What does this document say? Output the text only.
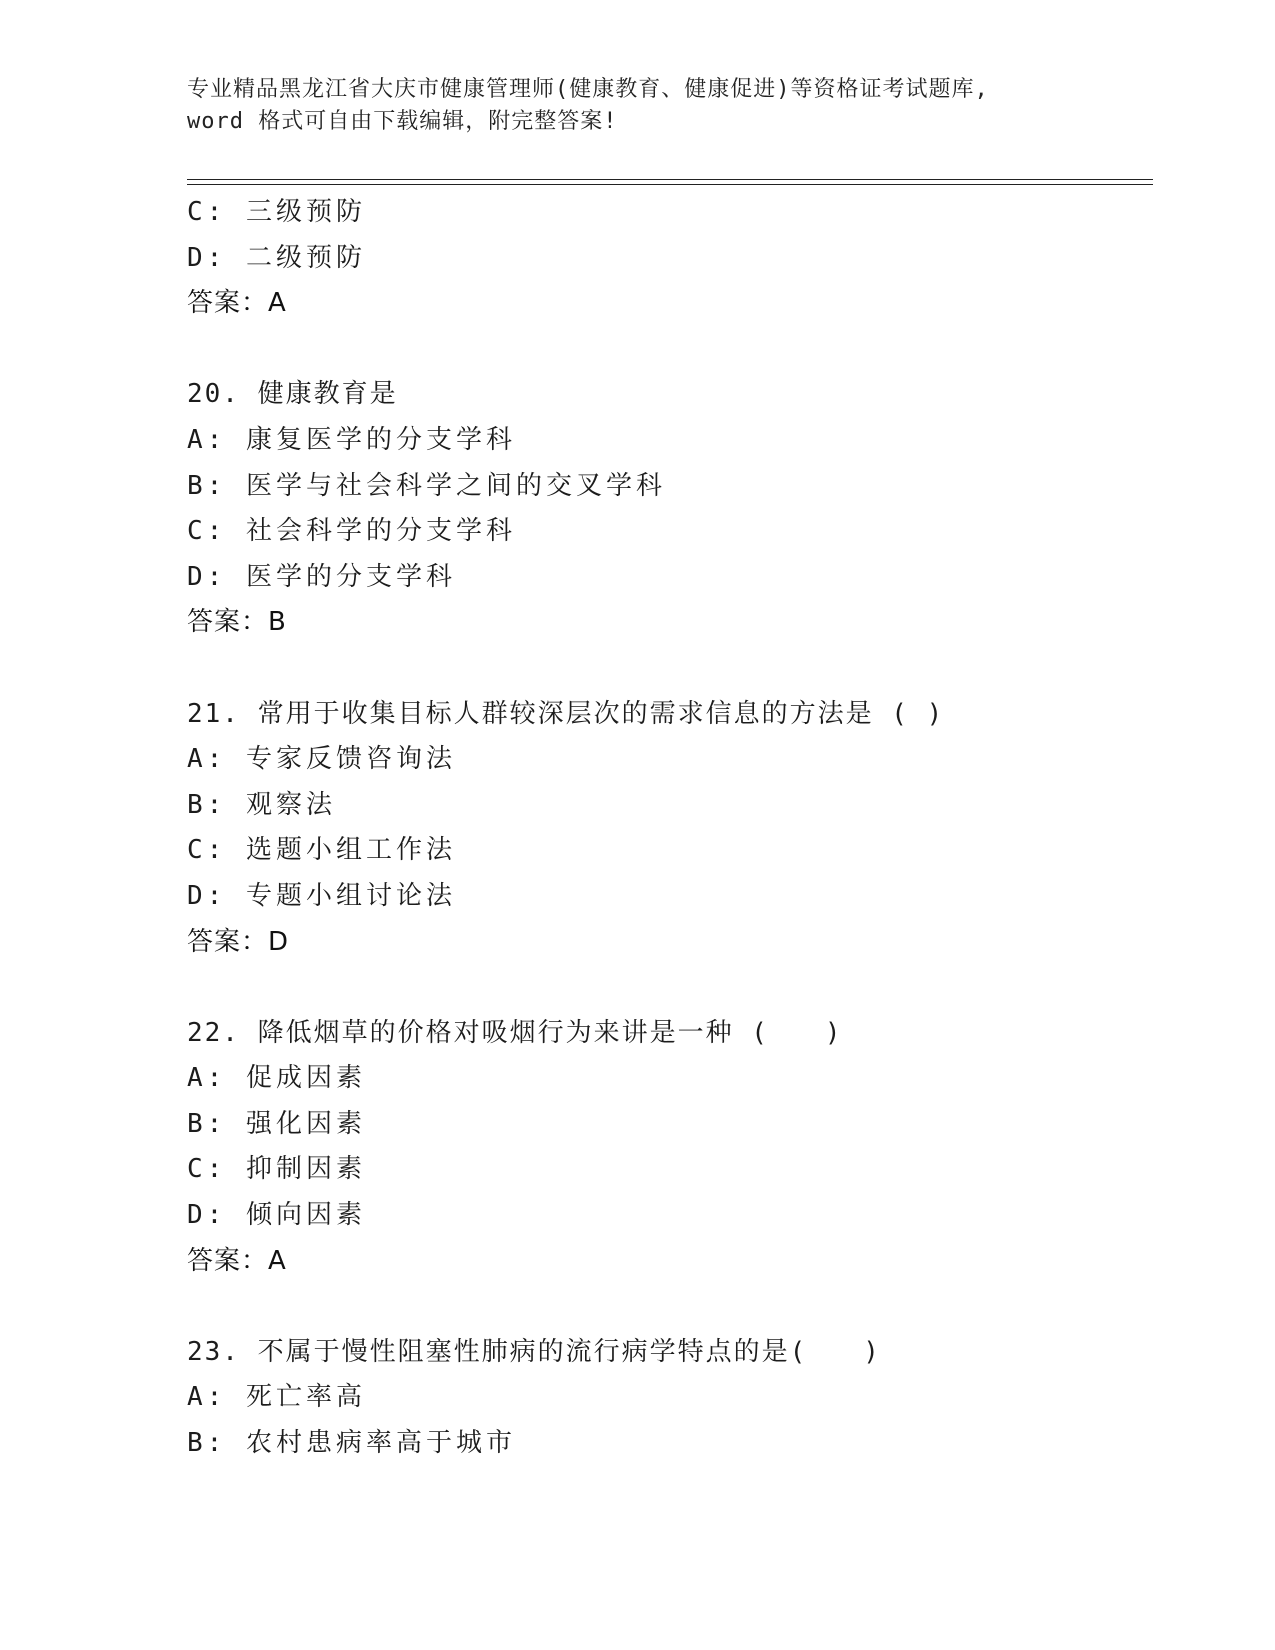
专业精品黑龙江省大庆市健康管理师(健康教育、健康促进)等资格证考试题库,
word 格式可自由下载编辑，附完整答案!
C: 三级预防
D: 二级预防
答案：A
20. 健康教育是
A: 康复医学的分支学科
B: 医学与社会科学之间的交叉学科
C: 社会科学的分支学科
D: 医学的分支学科
答案：B
21. 常用于收集目标人群较深层次的需求信息的方法是 ( )
A: 专家反馈咨询法
B: 观察法
C: 选题小组工作法
D: 专题小组讨论法
答案：D
22. 降低烟草的价格对吸烟行为来讲是一种 (　　)
A: 促成因素
B: 强化因素
C: 抑制因素
D: 倾向因素
答案：A
23. 不属于慢性阻塞性肺病的流行病学特点的是(　　)
A: 死亡率高
B: 农村患病率高于城市
